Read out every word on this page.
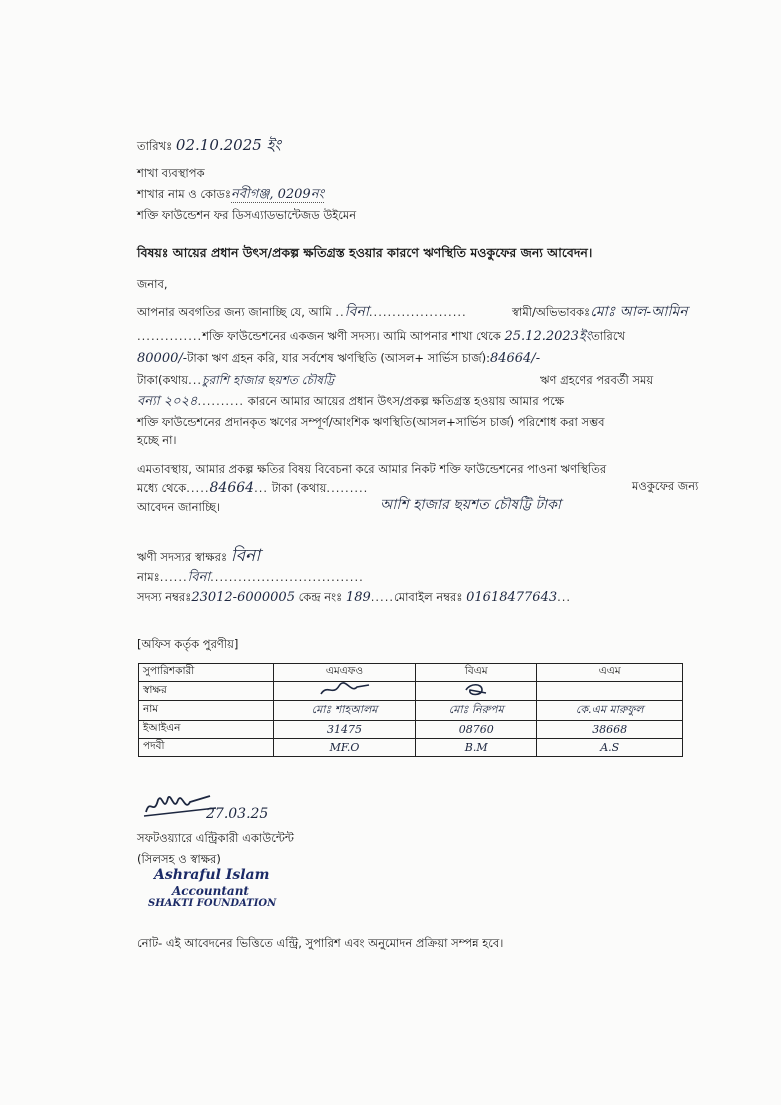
তারিখঃ 02.10.2025 ইং
শাখা ব্যবস্থাপক
শাখার নাম ও কোডঃনবীগঞ্জ, 0209নং
শক্তি ফাউন্ডেশন ফর ডিসএ্যাডভান্টেজড উইমেন
বিষয়ঃ আয়ের প্রধান উৎস/প্রকল্প ক্ষতিগ্রস্ত হওয়ার কারণে ঋণস্থিতি মওকুফের জন্য আবেদন।
জনাব,
আপনার অবগতির জন্য জানাচ্ছি যে, আমি ..বিনা.....................	স্বামী/অভিভাবকঃমোঃ আল-আমিন
..............শক্তি ফাউন্ডেশনের একজন ঋণী সদস্য। আমি আপনার শাখা থেকে 25.12.2023ইংতারিখে
80000/-টাকা ঋণ গ্রহন করি, যার সর্বশেষ ঋণস্থিতি (আসল+ সার্ভিস চার্জ):84664/-
টাকা(কথায়...চুরাশি হাজার ছয়শত চৌষট্টি	ঋণ গ্রহণের পরবর্তী সময়
বন্যা ২০২৪.......... কারনে আমার আয়ের প্রধান উৎস/প্রকল্প ক্ষতিগ্রস্ত হওয়ায় আমার পক্ষে
শক্তি ফাউন্ডেশনের প্রদানকৃত ঋণের সম্পূর্ণ/আংশিক ঋণস্থিতি(আসল+সার্ভিস চার্জ) পরিশোধ করা সম্ভব
হচ্ছে না।
এমতাবস্থায়, আমার প্রকল্প ক্ষতির বিষয় বিবেচনা করে আমার নিকট শক্তি ফাউন্ডেশনের পাওনা ঋণস্থিতির
মধ্যে থেকে.....84664... টাকা (কথায়.........	মওকুফের জন্য
আশি হাজার ছয়শত চৌষট্টি টাকা
আবেদন জানাচ্ছি।
ঋণী সদস্যর স্বাক্ষরঃ বিনা
নামঃ......বিনা.................................
সদস্য নম্বরঃ23012-6000005 কেন্দ্র নংঃ 189.....মোবাইল নম্বরঃ 01618477643...
[অফিস কর্তৃক পুরণীয়]
সুপারিশকারী	এমএফও	বিএম	এএম
স্বাক্ষর			
নাম	মোঃ শাহআলম	মোঃ নিরুপম	কে.এম মারুফুল
ইআইএন	31475	08760	38668
পদবী	MF.O	B.M	A.S
27.03.25
সফটওয়্যারে এন্ট্রিকারী একাউন্টেন্ট
(সিলসহ ও স্বাক্ষর)
Ashraful Islam
Accountant
SHAKTI FOUNDATION
নোট- এই আবেদনের ভিত্তিতে এন্ট্রি, সুপারিশ এবং অনুমোদন প্রক্রিয়া সম্পন্ন হবে।
